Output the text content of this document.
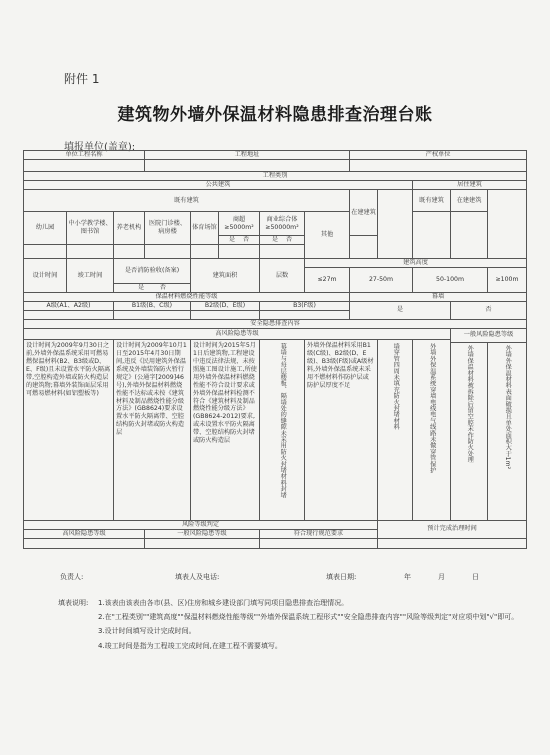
附件 1
建筑物外墙外保温材料隐患排查治理台账
填报单位(盖章):
单位工程名称			工程地址					产权单位				

工程类别												
公共建筑										居住建筑		
既有建筑								在建建筑		既有建筑	在建建筑	
幼儿园	中小学教学楼、图书馆	养老机构	医院门诊楼、病房楼	体育场馆	商超≥5000m²	商业综合体≥50000m²	其他					
					是 否	是 否						

设计时间	竣工时间	是否消防验收(备案)		建筑面积		层数	建筑高度					
							≤27m	27-50m		50-100m		≥100m
		是 否										
保温材料燃烧性能等级								幕墙				
A级(A1、A2级)		B1级(B、C级)		B2级(D、E级)		B3(F级)		是			否	

安全隐患排查内容												
高风险隐患等级											一般风险隐患等级	
设计时间为2009年9月30日之前,外墙外保温系统采用可燃易燃保温材料(B2、B3级或D、E、F级)且未设置水平防火隔离带,空腔构造外墙或防火构造层的建筑物;幕墙外装饰面层采用可燃易燃材料(如铝塑板等)		设计时间为2009年10月1日至2015年4月30日期间,违反《民用建筑外保温系统及外墙装饰防火暂行规定》(公通字[2009]46号),外墙外保温材料燃烧性能不达标或未按《建筑材料及制品燃烧性能分级方法》(GB8624)要求设置水平防火隔离带、空腔结构防火封堵或防火构造层		设计时间为2015年5月1日后建筑物,工程建设中违反法律法规、未按照施工图设计施工,所使用外墙外保温材料燃烧性能不符合设计要求或外墙外保温材料检测不符合《建筑材料及制品燃烧性能分级方法》(GB8624-2012)要求,或未设置水平防火隔离带、空腔结构防火封堵或防火构造层		幕墙与每层楼板、隔墙处的缝隙未采用防火封堵材料封堵	外墙外保温材料采用B1级(C级)、B2级(D、E级)、B3级(F级)或A级材料,外墙外保温系统未采用不燃材料作防护层或防护层厚度不足		墙穿管四周未填充防火封堵材料	外墙外保温系统穿墙电线电气线路未做穿管保护		
											外墙保温材料被拆除后留空腔未作防火处理	外墙外保温材料表面破损且单处面积大于1m²
风险等级判定									预计完成治理时间			
高风险隐患等级			一般风险隐患等级			符合现行规范要求						

负责人:	填表人及电话:	填表日期:	年	月	日
填表说明: 1.该表由该表由各市(县、区)住房和城乡建设部门填写同项目隐患排查治理情况。
2.在"工程类别""建筑高度""保温材料燃烧性能等级""外墙外保温系统工程形式""安全隐患排查内容""风险等级判定"对应项中划"√"即可。
3.设计时间填写设计完成时间。
4.竣工时间是指为工程竣工完成时间,在建工程不需要填写。
